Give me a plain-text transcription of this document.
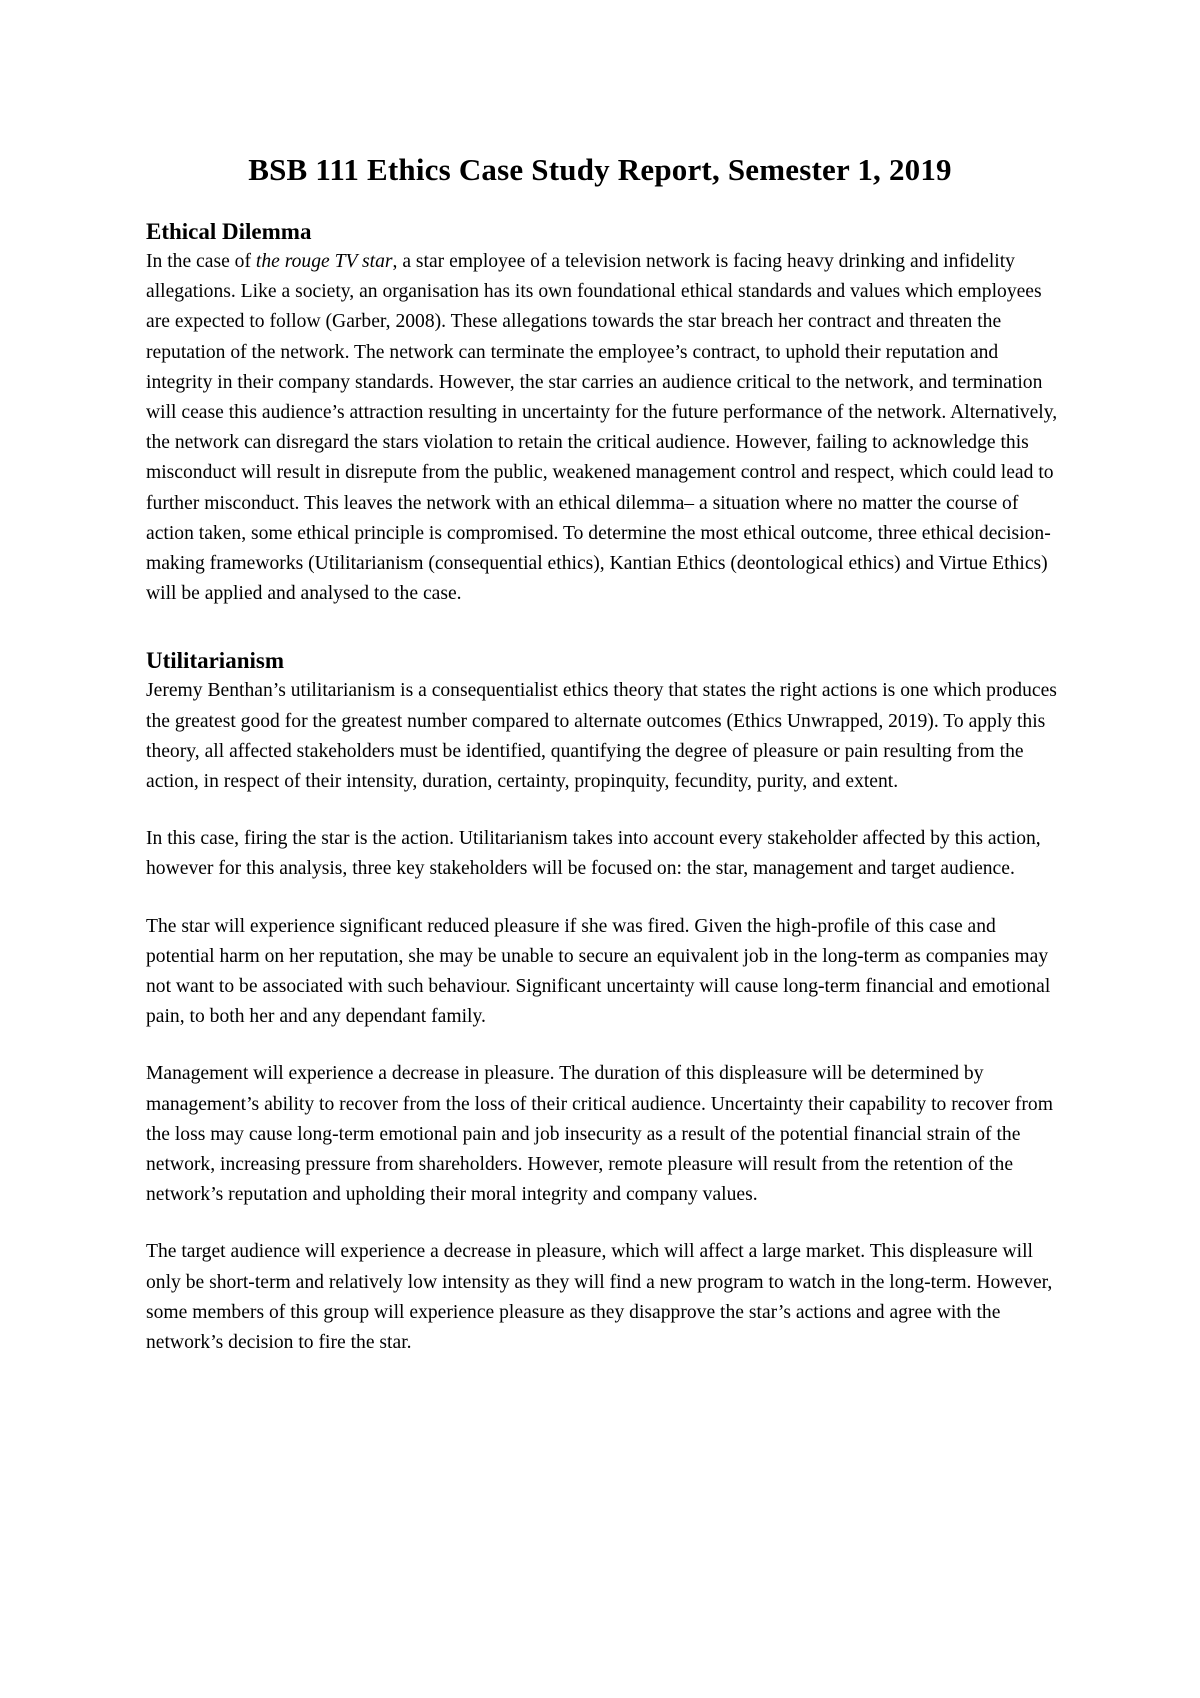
BSB 111 Ethics Case Study Report, Semester 1, 2019
Ethical Dilemma

In the case of the rouge TV star, a star employee of a television network is facing heavy drinking and infidelity allegations. Like a society, an organisation has its own foundational ethical standards and values which employees are expected to follow (Garber, 2008). These allegations towards the star breach her contract and threaten the reputation of the network. The network can terminate the employee’s contract, to uphold their reputation and integrity in their company standards. However, the star carries an audience critical to the network, and termination will cease this audience’s attraction resulting in uncertainty for the future performance of the network. Alternatively, the network can disregard the stars violation to retain the critical audience. However, failing to acknowledge this misconduct will result in disrepute from the public, weakened management control and respect, which could lead to further misconduct. This leaves the network with an ethical dilemma– a situation where no matter the course of action taken, some ethical principle is compromised. To determine the most ethical outcome, three ethical decision-making frameworks (Utilitarianism (consequential ethics), Kantian Ethics (deontological ethics) and Virtue Ethics) will be applied and analysed to the case.

Utilitarianism

Jeremy Benthan’s utilitarianism is a consequentialist ethics theory that states the right actions is one which produces the greatest good for the greatest number compared to alternate outcomes (Ethics Unwrapped, 2019). To apply this theory, all affected stakeholders must be identified, quantifying the degree of pleasure or pain resulting from the action, in respect of their intensity, duration, certainty, propinquity, fecundity, purity, and extent.

In this case, firing the star is the action. Utilitarianism takes into account every stakeholder affected by this action, however for this analysis, three key stakeholders will be focused on: the star, management and target audience.

The star will experience significant reduced pleasure if she was fired. Given the high-profile of this case and potential harm on her reputation, she may be unable to secure an equivalent job in the long-term as companies may not want to be associated with such behaviour. Significant uncertainty will cause long-term financial and emotional pain, to both her and any dependant family.

Management will experience a decrease in pleasure. The duration of this displeasure will be determined by management’s ability to recover from the loss of their critical audience. Uncertainty their capability to recover from the loss may cause long-term emotional pain and job insecurity as a result of the potential financial strain of the network, increasing pressure from shareholders. However, remote pleasure will result from the retention of the network’s reputation and upholding their moral integrity and company values.

The target audience will experience a decrease in pleasure, which will affect a large market. This displeasure will only be short-term and relatively low intensity as they will find a new program to watch in the long-term. However, some members of this group will experience pleasure as they disapprove the star’s actions and agree with the network’s decision to fire the star.
